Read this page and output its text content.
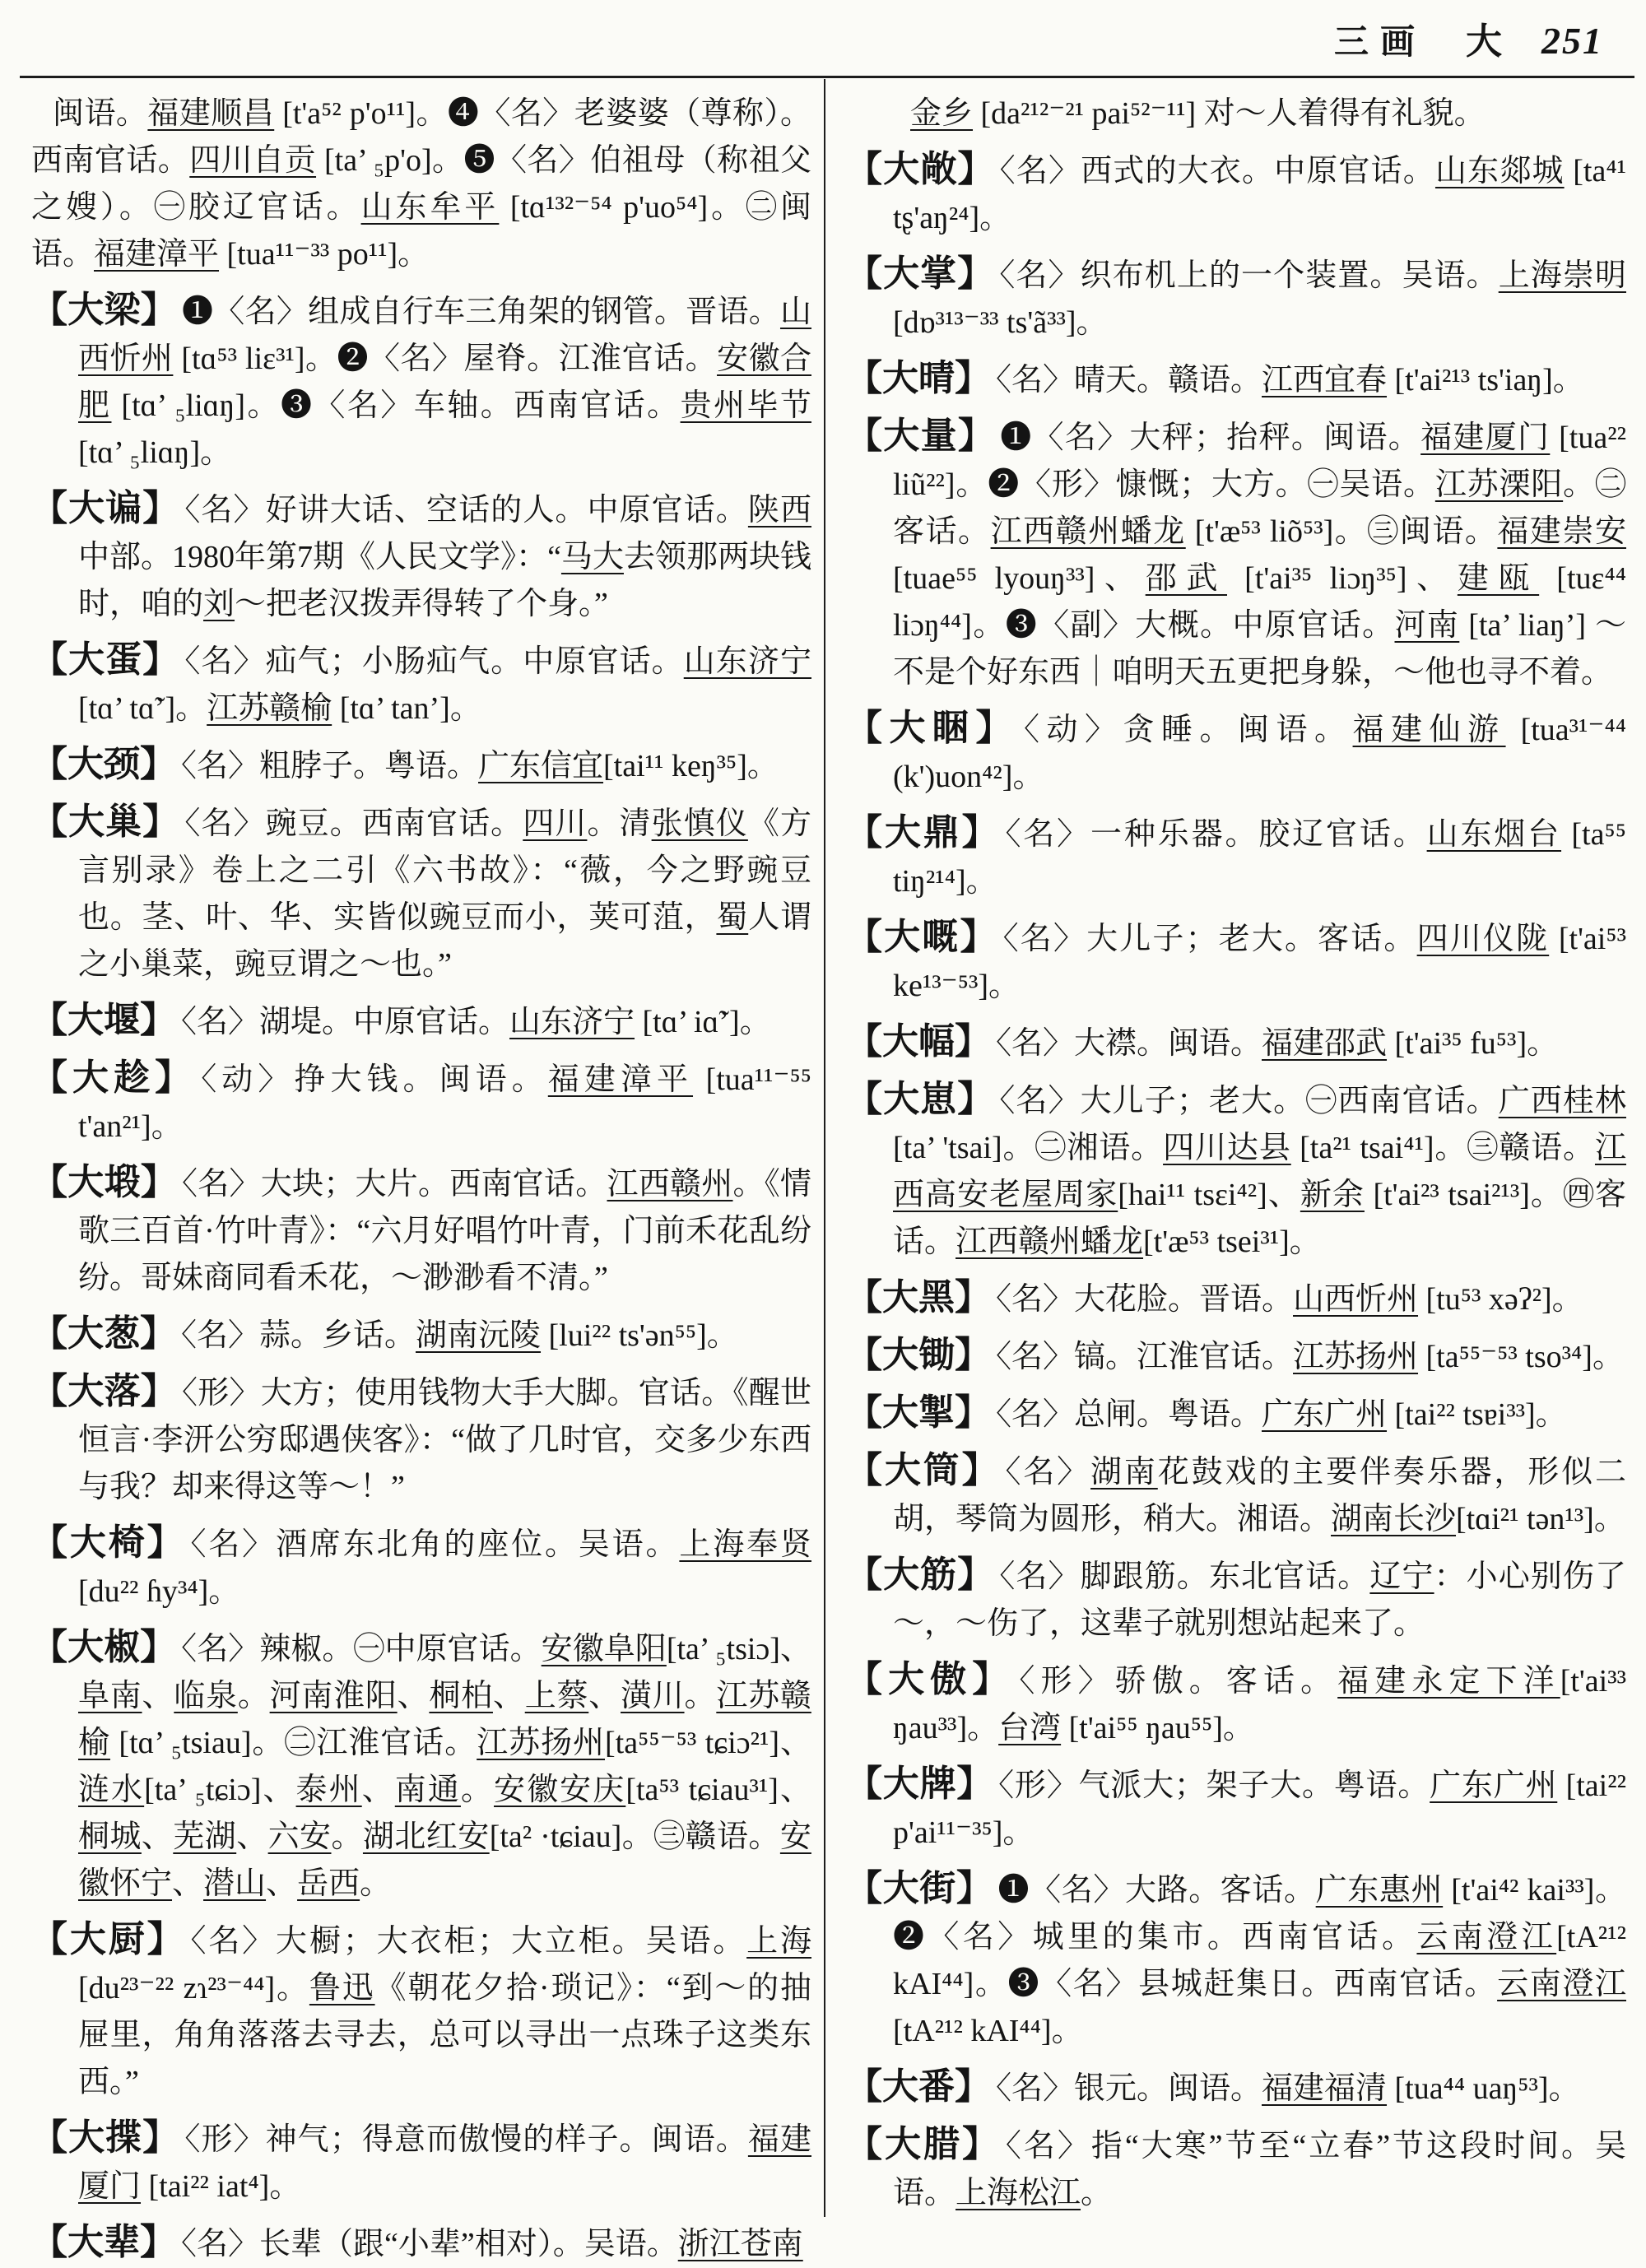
三画 大 251

闽语。福建顺昌 [t'a⁵² p'o¹¹]。❹〈名〉老婆婆（尊称）。西南官话。四川自贡 [ta’ ₅p'o]。❺〈名〉伯祖母（称祖父之嫂）。㊀胶辽官话。山东牟平 [tɑ¹³²⁻⁵⁴ p'uo⁵⁴]。㊁闽语。福建漳平 [tua¹¹⁻³³ po¹¹]。

【大梁】 ❶〈名〉组成自行车三角架的钢管。晋语。山西忻州 [tɑ⁵³ liɛ³¹]。❷〈名〉屋脊。江淮官话。安徽合肥 [tɑ’ ₅liɑŋ]。❸〈名〉车轴。西南官话。贵州毕节 [tɑ’ ₅liɑŋ]。

【大谝】 〈名〉好讲大话、空话的人。中原官话。陕西中部。1980年第7期《人民文学》：“马大去领那两块钱时，咱的刘～把老汉拨弄得转了个身。”

【大蛋】 〈名〉疝气；小肠疝气。中原官话。山东济宁 [tɑ’ tɑ̃’]。江苏赣榆 [tɑ’ tan’]。

【大颈】 〈名〉粗脖子。粤语。广东信宜[tai¹¹ keŋ³⁵]。

【大巢】 〈名〉豌豆。西南官话。四川。清张慎仪《方言别录》卷上之二引《六书故》：“薇，今之野豌豆也。茎、叶、华、实皆似豌豆而小，荚可菹，蜀人谓之小巢菜，豌豆谓之～也。”

【大堰】 〈名〉湖堤。中原官话。山东济宁 [tɑ’ iɑ̃’]。

【大趁】 〈动〉挣大钱。闽语。福建漳平 [tua¹¹⁻⁵⁵ t'an²¹]。

【大塅】 〈名〉大块；大片。西南官话。江西赣州。《情歌三百首·竹叶青》：“六月好唱竹叶青，门前禾花乱纷纷。哥妹商同看禾花，～渺渺看不清。”

【大葱】 〈名〉蒜。乡话。湖南沅陵 [lui²² ts'ən⁵⁵]。

【大落】 〈形〉大方；使用钱物大手大脚。官话。《醒世恒言·李汧公穷邸遇侠客》：“做了几时官，交多少东西与我？却来得这等～！”

【大椅】 〈名〉酒席东北角的座位。吴语。上海奉贤[du²² ɦy³⁴]。

【大椒】 〈名〉辣椒。㊀中原官话。安徽阜阳[ta’ ₅tsiɔ]、阜南、临泉。河南淮阳、桐柏、上蔡、潢川。江苏赣榆 [tɑ’ ₅tsiau]。㊁江淮官话。江苏扬州[ta⁵⁵⁻⁵³ tɕiɔ²¹]、涟水[ta’ ₅tɕiɔ]、泰州、南通。安徽安庆[ta⁵³ tɕiau³¹]、桐城、芜湖、六安。湖北红安[ta² ·tɕiau]。㊂赣语。安徽怀宁、潜山、岳西。

【大厨】 〈名〉大橱；大衣柜；大立柜。吴语。上海[du²³⁻²² zɿ²³⁻⁴⁴]。鲁迅《朝花夕拾·琐记》：“到～的抽屉里，角角落落去寻去，总可以寻出一点珠子这类东西。”

【大揲】 〈形〉神气；得意而傲慢的样子。闽语。福建厦门 [tai²² iat⁴]。

【大辈】 〈名〉长辈（跟“小辈”相对）。吴语。浙江苍南

金乡 [da²¹²⁻²¹ pai⁵²⁻¹¹] 对～人着得有礼貌。

【大敞】 〈名〉西式的大衣。中原官话。山东郯城 [ta⁴¹ tʂ'aŋ²⁴]。

【大掌】 〈名〉织布机上的一个装置。吴语。上海崇明 [dɒ³¹³⁻³³ ts'ã³³]。

【大晴】 〈名〉晴天。赣语。江西宜春 [t'ai²¹³ ts'iaŋ]。

【大量】 ❶〈名〉大秤；抬秤。闽语。福建厦门 [tua²² liũ²²]。❷〈形〉慷慨；大方。㊀吴语。江苏溧阳。㊁客话。江西赣州蟠龙 [t'æ⁵³ liõ⁵³]。㊂闽语。福建崇安 [tuae⁵⁵ lyouŋ³³]、邵武 [t'ai³⁵ liɔŋ³⁵]、建瓯 [tuɛ⁴⁴ liɔŋ⁴⁴]。❸〈副〉大概。中原官话。河南 [ta’ liaŋ’] ～不是个好东西｜咱明天五更把身躲，～他也寻不着。

【大睏】 〈动〉贪睡。闽语。福建仙游 [tua³¹⁻⁴⁴ (k')uon⁴²]。

【大鼎】 〈名〉一种乐器。胶辽官话。山东烟台 [ta⁵⁵ tiŋ²¹⁴]。

【大嘅】 〈名〉大儿子；老大。客话。四川仪陇 [t'ai⁵³ ke¹³⁻⁵³]。

【大幅】 〈名〉大襟。闽语。福建邵武 [t'ai³⁵ fu⁵³]。

【大崽】 〈名〉大儿子；老大。㊀西南官话。广西桂林 [ta’ 'tsai]。㊁湘语。四川达县 [ta²¹ tsai⁴¹]。㊂赣语。江西高安老屋周家[hai¹¹ tsɛi⁴²]、新余 [t'ai²³ tsai²¹³]。㊃客话。江西赣州蟠龙[t'æ⁵³ tsei³¹]。

【大黑】 〈名〉大花脸。晋语。山西忻州 [tu⁵³ xəʔ²]。

【大锄】 〈名〉镐。江淮官话。江苏扬州 [ta⁵⁵⁻⁵³ tso³⁴]。

【大掣】 〈名〉总闸。粤语。广东广州 [tai²² tsɐi³³]。

【大筒】 〈名〉湖南花鼓戏的主要伴奏乐器，形似二胡，琴筒为圆形，稍大。湘语。湖南长沙[tɑi²¹ tən¹³]。

【大筋】 〈名〉脚跟筋。东北官话。辽宁：小心别伤了～，～伤了，这辈子就别想站起来了。

【大傲】 〈形〉骄傲。客话。福建永定下洋[t'ai³³ ŋau³³]。台湾 [t'ai⁵⁵ ŋau⁵⁵]。

【大牌】 〈形〉气派大；架子大。粤语。广东广州 [tai²² p'ai¹¹⁻³⁵]。

【大街】 ❶〈名〉大路。客话。广东惠州 [t'ai⁴² kai³³]。❷〈名〉城里的集市。西南官话。云南澄江[tA²¹² kAI⁴⁴]。❸〈名〉县城赶集日。西南官话。云南澄江[tA²¹² kAI⁴⁴]。

【大番】 〈名〉银元。闽语。福建福清 [tua⁴⁴ uaŋ⁵³]。

【大腊】 〈名〉指“大寒”节至“立春”节这段时间。吴语。上海松江。
